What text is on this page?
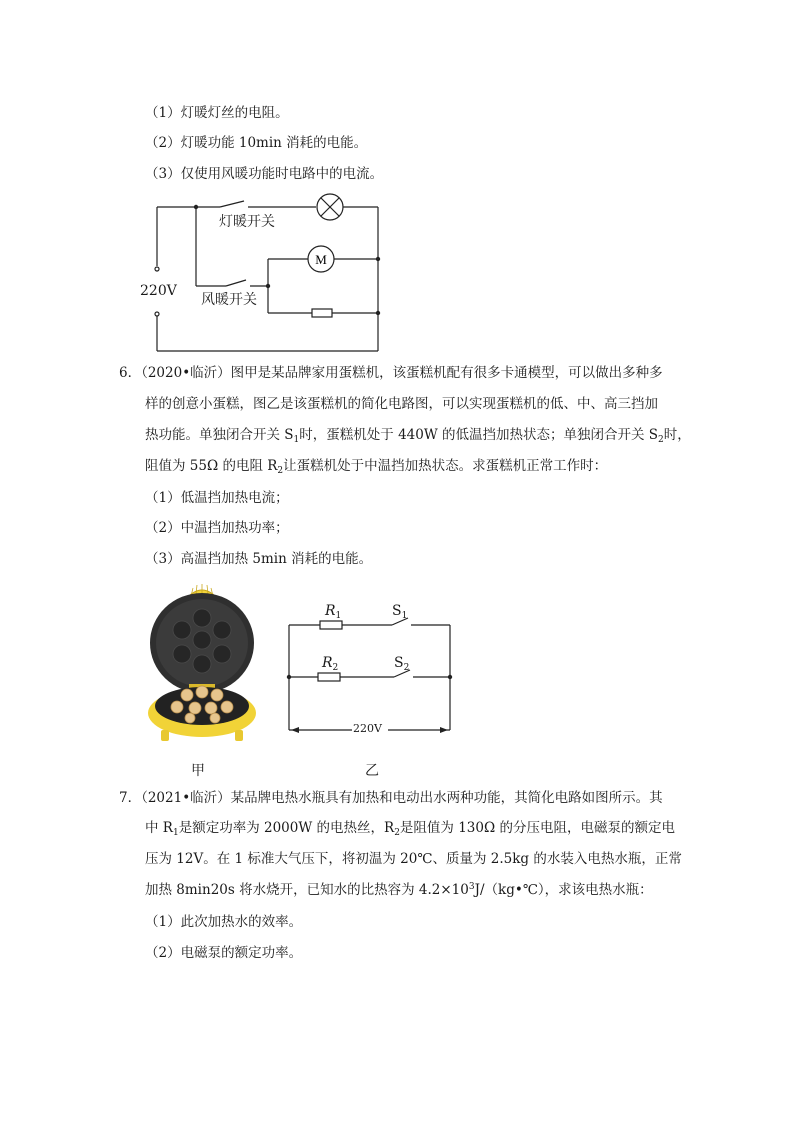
（1）灯暖灯丝的电阻。
（2）灯暖功能 10min 消耗的电能。
（3）仅使用风暖功能时电路中的电流。
M
灯暖开关
风暖开关
220V
6．（2020•临沂）图甲是某品牌家用蛋糕机，该蛋糕机配有很多卡通模型，可以做出多种多
样的创意小蛋糕，图乙是该蛋糕机的简化电路图，可以实现蛋糕机的低、中、高三挡加
热功能。单独闭合开关 $S_1$时，蛋糕机处于 440W 的低温挡加热状态；单独闭合开关 $S_2$时，
阻值为 55Ω 的电阻 $R_2$让蛋糕机处于中温挡加热状态。求蛋糕机正常工作时：
（1）低温挡加热电流；
（2）中温挡加热功率；
（3）高温挡加热 5min 消耗的电能。
甲
$R_1$	$S_1$
$R_2$	$S_2$
220V
乙
7．（2021•临沂）某品牌电热水瓶具有加热和电动出水两种功能，其简化电路如图所示。其
中 $R_1$是额定功率为 2000W 的电热丝，$R_2$是阻值为 130Ω 的分压电阻，电磁泵的额定电
压为 12V。在 1 标准大气压下，将初温为 20℃、质量为 2.5kg 的水装入电热水瓶，正常
加热 8min20s 将水烧开，已知水的比热容为 $4.2\times 10^3J/(kg•℃)$，求该电热水瓶：
（1）此次加热水的效率。
（2）电磁泵的额定功率。
